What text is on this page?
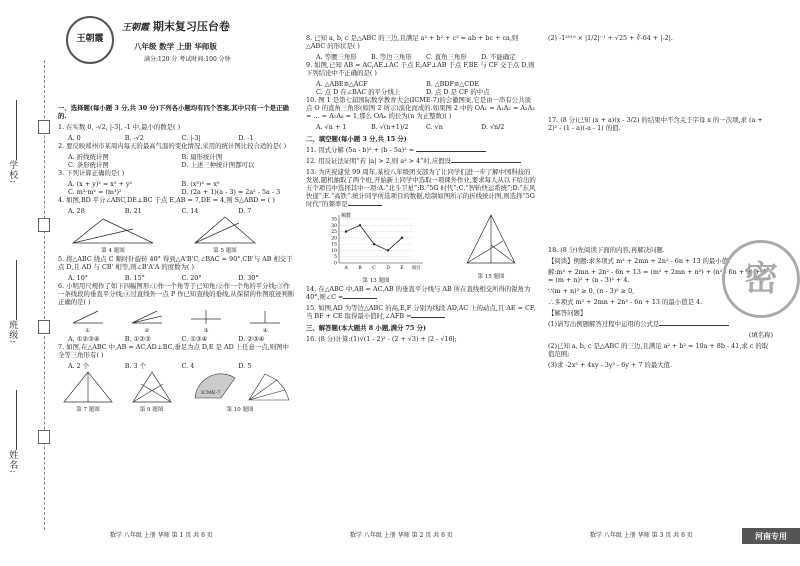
学校:
班级:
姓名:
王朝霞
王朝霞 期末复习压台卷
八年级 数学 上册 华师版
满分:120 分 考试时间:100 分钟
一、选择题(每小题 3 分,共 30 分)下列各小题均有四个答案,其中只有一个是正确的.
1. 在实数 0, -√2, |-3|, -1 中,最小的数是( )
A. 0	B. -√2	C. |-3|	D. -1
2. 要反映郑州市某周内每天的最高气温的变化情况,采用的统计图比较合适的是( )
A. 折线统计图	B. 扇形统计图
C. 条形统计图	D. 上述三种统计图都可以
3. 下列计算正确的是( )
A. (x + y)² = x² + y²	B. (x³)² = x⁵
C. m³·m² = (m³)²	D. (2a + 1)(a - 3) = 2a² - 5a - 3
4. 如图,BD 平分∠ABC,DE⊥BC 于点 E,AB = 7,DE = 4,则 S△ABD = ( )
A. 28	B. 21	C. 14	D. 7
第 4 题图
	第 5 题图
5. 将△ABC 绕点 C 顺时针旋转 40° 得到△A'B'C,∠BAC = 90°,CB'与 AB 相交于点 D,且 AD 与 CB' 相等,则∠B'A'A 的度数为( )
A. 10°	B. 15°	C. 20°	D. 30°
6. 小明用尺规作了如下四幅图形:①作一个角等于已知角;②作一个角的平分线;③作一条线段的垂直平分线;④过直线外一点 P 作已知直线的垂线,从保留的作图痕迹判断正确的是( )
①	②	③	④
A. ①②③④	B. ①②③	C. ①③④	D. ②③④
7. 如图,在△ABC 中,AB = AC,AD⊥BC,垂足为点 D,E 是 AD 上任意一点,则图中全等三角形有( )
A. 2 个	B. 3 个	C. 4	D. 5
第 7 题图	第 9 题图
ICME-7
第 10 题图
数学 八年级 上册 华师 第 1 页 共 6 页
8. 已知 a, b, c 是△ABC 的三边,且满足 a² + b² + c² = ab + bc + ca,则△ABC 的形状是( )
A. 等腰三角形	B. 等边三角形	C. 直角三角形	D. 不能确定
9. 如图,已知 AB = AC,AE⊥AC 于点 E,AF⊥AB 于点 F,BE 与 CF 交于点 D,则下列结论中不正确的是( )
A. △ABE≌△ACF	B. △BDF≌△CDE
C. 点 D 在∠BAC 的平分线上	D. 点 D 是 CF 的中点
10. 图 1 是第七届国际数学教育大会(ICME-7)的会徽图案,它是由一串有公共顶点 O 的直角三角形(如图 2 所示)演化而成的.如果图 2 中的 OA₁ = A₁A₂ = A₂A₃ = … = A₇A₈ = 1,那么 OAₙ 的长为(n 为正整数)( )
A. √n + 1	B. √(n+1)/2	C. √n	D. √n/2
二、填空题(每小题 3 分,共 15 分)
11. 因式分解 (5a - b)² + (b - 5a)² =
12. 用反证法证明“若 |a| > 2,则 a² > 4”时,应假设
13. 为庆祝建党 99 周年,某校八年级团支部为了让同学们进一步了解中国科技的发展,随机抽取了两个班,开始新上同学中选取一项课外作业,要求每人从以下给出的五个项目中选择其中一项:A.“北斗卫星”;B.“5G 时代”;C.“智轨快运系统”;D.“东风快递”;E.“高铁”.统计同学所选项目的数据,绘制如图所示的折线统计图,则选择“5G 时代”的频率是
频数
0
5
10
15
20
25
30
35
A B C D E 项目
第 13 题图
第 15 题图
14. 在△ABC 中,AB = AC,AB 的垂直平分线与 AB 所在直线相交所得的锐角为 40°,则∠C =
15. 如图,AD 为等边△ABC 的高,E,F 分别为线段 AD,AC 上的动点,且 AE = CF,当 BF + CE 取得最小值时,∠AFB =
三、解答题(本大题共 8 小题,满分 75 分)
16. (8 分)计算:(1)√(1 - 2)² - (2 + √3) + |2 - √16|;
数学 八年级 上册 华师 第 2 页 共 6 页
(2) -1²⁰¹⁹ × |1/2|⁻¹ + √25 + ∛-64 + |-2|.
17. (8 分)已知 (x + a)(x - 3/2) 的结果中不含关于字母 x 的一次项,求 (a + 2)² - (1 - a)(-a - 1) 的值.
18. (8 分)先阅读下面的内容,再解决问题.
【阅读】例题:求多项式 m² + 2mn + 2n² - 6n + 13 的最小值.
解:m² + 2mn + 2n² - 6n + 13 = (m² + 2mn + n²) + (n² - 6n + 9) + 4 = (m + n)² + (n - 3)² + 4.
∵(m + n)² ≥ 0, (n - 3)² ≥ 0,
∴多项式 m² + 2mn + 2n² - 6n + 13 的最小值是 4.
【解答问题】
(1)请写出例题解答过程中运用的公式是
(填名称)
(2)已知 a, b, c 是△ABC 的三边,且满足 a² + b² = 10a + 8b - 41,求 c 的取值范围;
(3)求 -2x² + 4xy - 3y² - 6y + 7 的最大值.
密
数学 八年级 上册 华师 第 3 页 共 6 页	河南专用
